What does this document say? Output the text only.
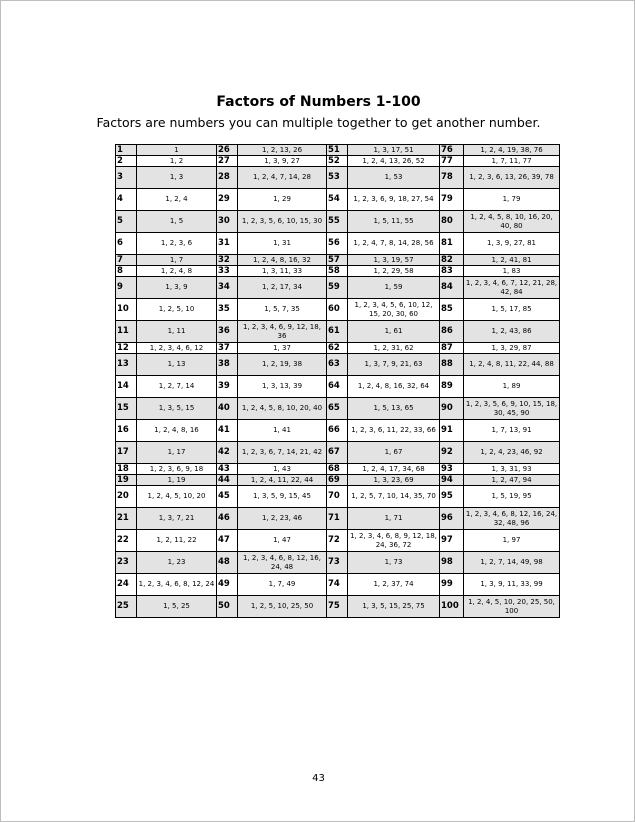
Factors of Numbers 1-100
Factors are numbers you can multiple together to get another number.
1	1	26	1, 2, 13, 26	51	1, 3, 17, 51	76	1, 2, 4, 19, 38, 76
2	1, 2	27	1, 3, 9, 27	52	1, 2, 4, 13, 26, 52	77	1, 7, 11, 77
3	1, 3	28	1, 2, 4, 7, 14, 28	53	1, 53	78	1, 2, 3, 6, 13, 26, 39, 78
4	1, 2, 4	29	1, 29	54	1, 2, 3, 6, 9, 18, 27, 54	79	1, 79
5	1, 5	30	1, 2, 3, 5, 6, 10, 15, 30	55	1, 5, 11, 55	80	1, 2, 4, 5, 8, 10, 16, 20, 40, 80
6	1, 2, 3, 6	31	1, 31	56	1, 2, 4, 7, 8, 14, 28, 56	81	1, 3, 9, 27, 81
7	1, 7	32	1, 2, 4, 8, 16, 32	57	1, 3, 19, 57	82	1, 2, 41, 81
8	1, 2, 4, 8	33	1, 3, 11, 33	58	1, 2, 29, 58	83	1, 83
9	1, 3, 9	34	1, 2, 17, 34	59	1, 59	84	1, 2, 3, 4, 6, 7, 12, 21, 28, 42, 84
10	1, 2, 5, 10	35	1, 5, 7, 35	60	1, 2, 3, 4, 5, 6, 10, 12, 15, 20, 30, 60	85	1, 5, 17, 85
11	1, 11	36	1, 2, 3, 4, 6, 9, 12, 18, 36	61	1, 61	86	1, 2, 43, 86
12	1, 2, 3, 4, 6, 12	37	1, 37	62	1, 2, 31, 62	87	1, 3, 29, 87
13	1, 13	38	1, 2, 19, 38	63	1, 3, 7, 9, 21, 63	88	1, 2, 4, 8, 11, 22, 44, 88
14	1, 2, 7, 14	39	1, 3, 13, 39	64	1, 2, 4, 8, 16, 32, 64	89	1, 89
15	1, 3, 5, 15	40	1, 2, 4, 5, 8, 10, 20, 40	65	1, 5, 13, 65	90	1, 2, 3, 5, 6, 9, 10, 15, 18, 30, 45, 90
16	1, 2, 4, 8, 16	41	1, 41	66	1, 2, 3, 6, 11, 22, 33, 66	91	1, 7, 13, 91
17	1, 17	42	1, 2, 3, 6, 7, 14, 21, 42	67	1, 67	92	1, 2, 4, 23, 46, 92
18	1, 2, 3, 6, 9, 18	43	1, 43	68	1, 2, 4, 17, 34, 68	93	1, 3, 31, 93
19	1, 19	44	1, 2, 4, 11, 22, 44	69	1, 3, 23, 69	94	1, 2, 47, 94
20	1, 2, 4, 5, 10, 20	45	1, 3, 5, 9, 15, 45	70	1, 2, 5, 7, 10, 14, 35, 70	95	1, 5, 19, 95
21	1, 3, 7, 21	46	1, 2, 23, 46	71	1, 71	96	1, 2, 3, 4, 6, 8, 12, 16, 24, 32, 48, 96
22	1, 2, 11, 22	47	1, 47	72	1, 2, 3, 4, 6, 8, 9, 12, 18, 24, 36, 72	97	1, 97
23	1, 23	48	1, 2, 3, 4, 6, 8, 12, 16, 24, 48	73	1, 73	98	1, 2, 7, 14, 49, 98
24	1, 2, 3, 4, 6, 8, 12, 24	49	1, 7, 49	74	1, 2, 37, 74	99	1, 3, 9, 11, 33, 99
25	1, 5, 25	50	1, 2, 5, 10, 25, 50	75	1, 3, 5, 15, 25, 75	100	1, 2, 4, 5, 10, 20, 25, 50, 100
43
